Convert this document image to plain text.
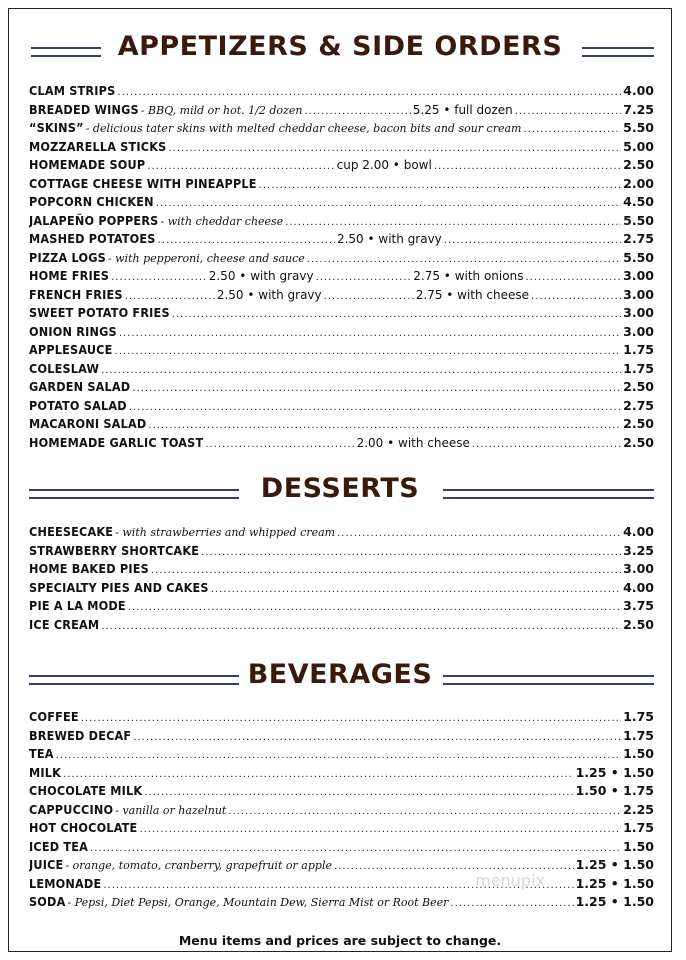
APPETIZERS & SIDE ORDERS
CLAM STRIPS .....	4.00
BREADED WINGS - BBQ, mild or hot. 1/2 dozen .....	5.25 • full dozen .....	7.25
“SKINS” - delicious tater skins with melted cheddar cheese, bacon bits and sour cream .....	5.50
MOZZARELLA STICKS .....	5.00
HOMEMADE SOUP .....	cup 2.00 • bowl .....	2.50
COTTAGE CHEESE WITH PINEAPPLE .....	2.00
POPCORN CHICKEN .....	4.50
JALAPEÑO POPPERS - with cheddar cheese .....	5.50
MASHED POTATOES .....	2.50 • with gravy .....	2.75
PIZZA LOGS - with pepperoni, cheese and sauce .....	5.50
HOME FRIES .....	2.50 • with gravy .....	2.75 • with onions .....	3.00
FRENCH FRIES .....	2.50 • with gravy .....	2.75 • with cheese .....	3.00
SWEET POTATO FRIES .....	3.00
ONION RINGS .....	3.00
APPLESAUCE .....	1.75
COLESLAW .....	1.75
GARDEN SALAD .....	2.50
POTATO SALAD .....	2.75
MACARONI SALAD .....	2.50
HOMEMADE GARLIC TOAST .....	2.00 • with cheese .....	2.50
DESSERTS
CHEESECAKE - with strawberries and whipped cream .....	4.00
STRAWBERRY SHORTCAKE .....	3.25
HOME BAKED PIES .....	3.00
SPECIALTY PIES AND CAKES .....	4.00
PIE A LA MODE .....	3.75
ICE CREAM .....	2.50
BEVERAGES
COFFEE .....	1.75
BREWED DECAF .....	1.75
TEA .....	1.50
MILK .....	1.25 • 1.50
CHOCOLATE MILK .....	1.50 • 1.75
CAPPUCCINO - vanilla or hazelnut .....	2.25
HOT CHOCOLATE .....	1.75
ICED TEA .....	1.50
JUICE - orange, tomato, cranberry, grapefruit or apple .....	1.25 • 1.50
LEMONADE .....	1.25 • 1.50
SODA - Pepsi, Diet Pepsi, Orange, Mountain Dew, Sierra Mist or Root Beer .....	1.25 • 1.50
menupix
Menu items and prices are subject to change.
